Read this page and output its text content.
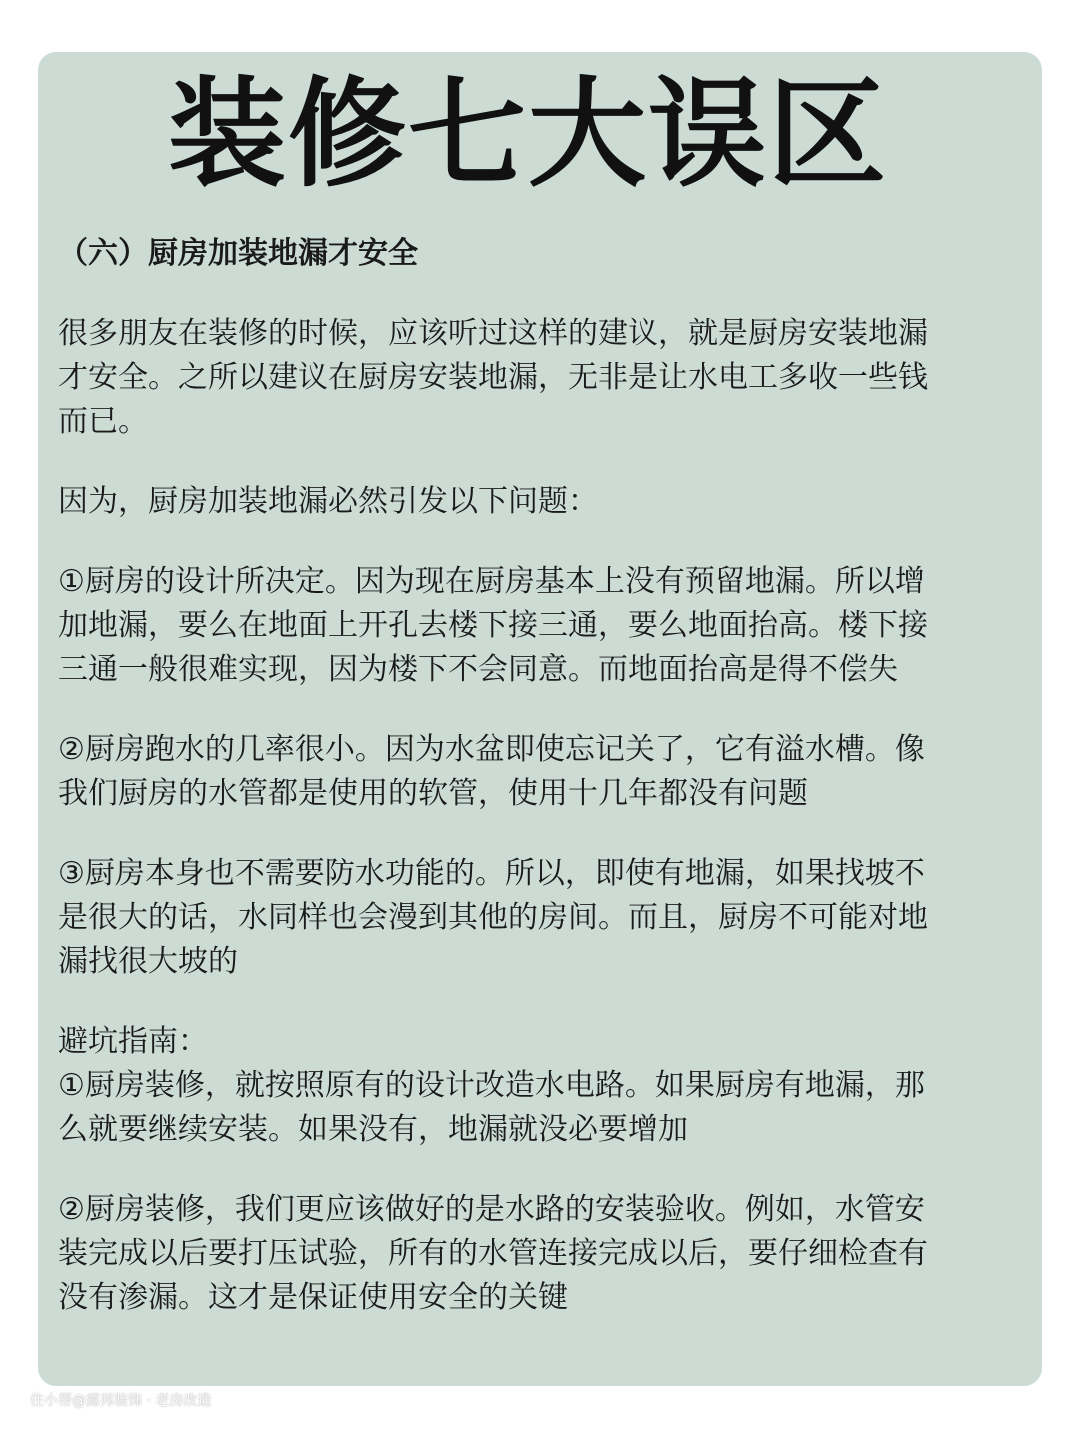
装修七大误区
（六）厨房加装地漏才安全
很多朋友在装修的时候，应该听过这样的建议，就是厨房安装地漏
才安全。之所以建议在厨房安装地漏，无非是让水电工多收一些钱
而已。
因为，厨房加装地漏必然引发以下问题：
①厨房的设计所决定。因为现在厨房基本上没有预留地漏。所以增
加地漏，要么在地面上开孔去楼下接三通，要么地面抬高。楼下接
三通一般很难实现，因为楼下不会同意。而地面抬高是得不偿失
②厨房跑水的几率很小。因为水盆即使忘记关了，它有溢水槽。像
我们厨房的水管都是使用的软管，使用十几年都没有问题
③厨房本身也不需要防水功能的。所以，即使有地漏，如果找坡不
是很大的话，水同样也会漫到其他的房间。而且，厨房不可能对地
漏找很大坡的
避坑指南：
①厨房装修，就按照原有的设计改造水电路。如果厨房有地漏，那
么就要继续安装。如果没有，地漏就没必要增加
②厨房装修，我们更应该做好的是水路的安装验收。例如，水管安
装完成以后要打压试验，所有的水管连接完成以后，要仔细检查有
没有渗漏。这才是保证使用安全的关键
住小帮@露邦装饰 · 老房改造
